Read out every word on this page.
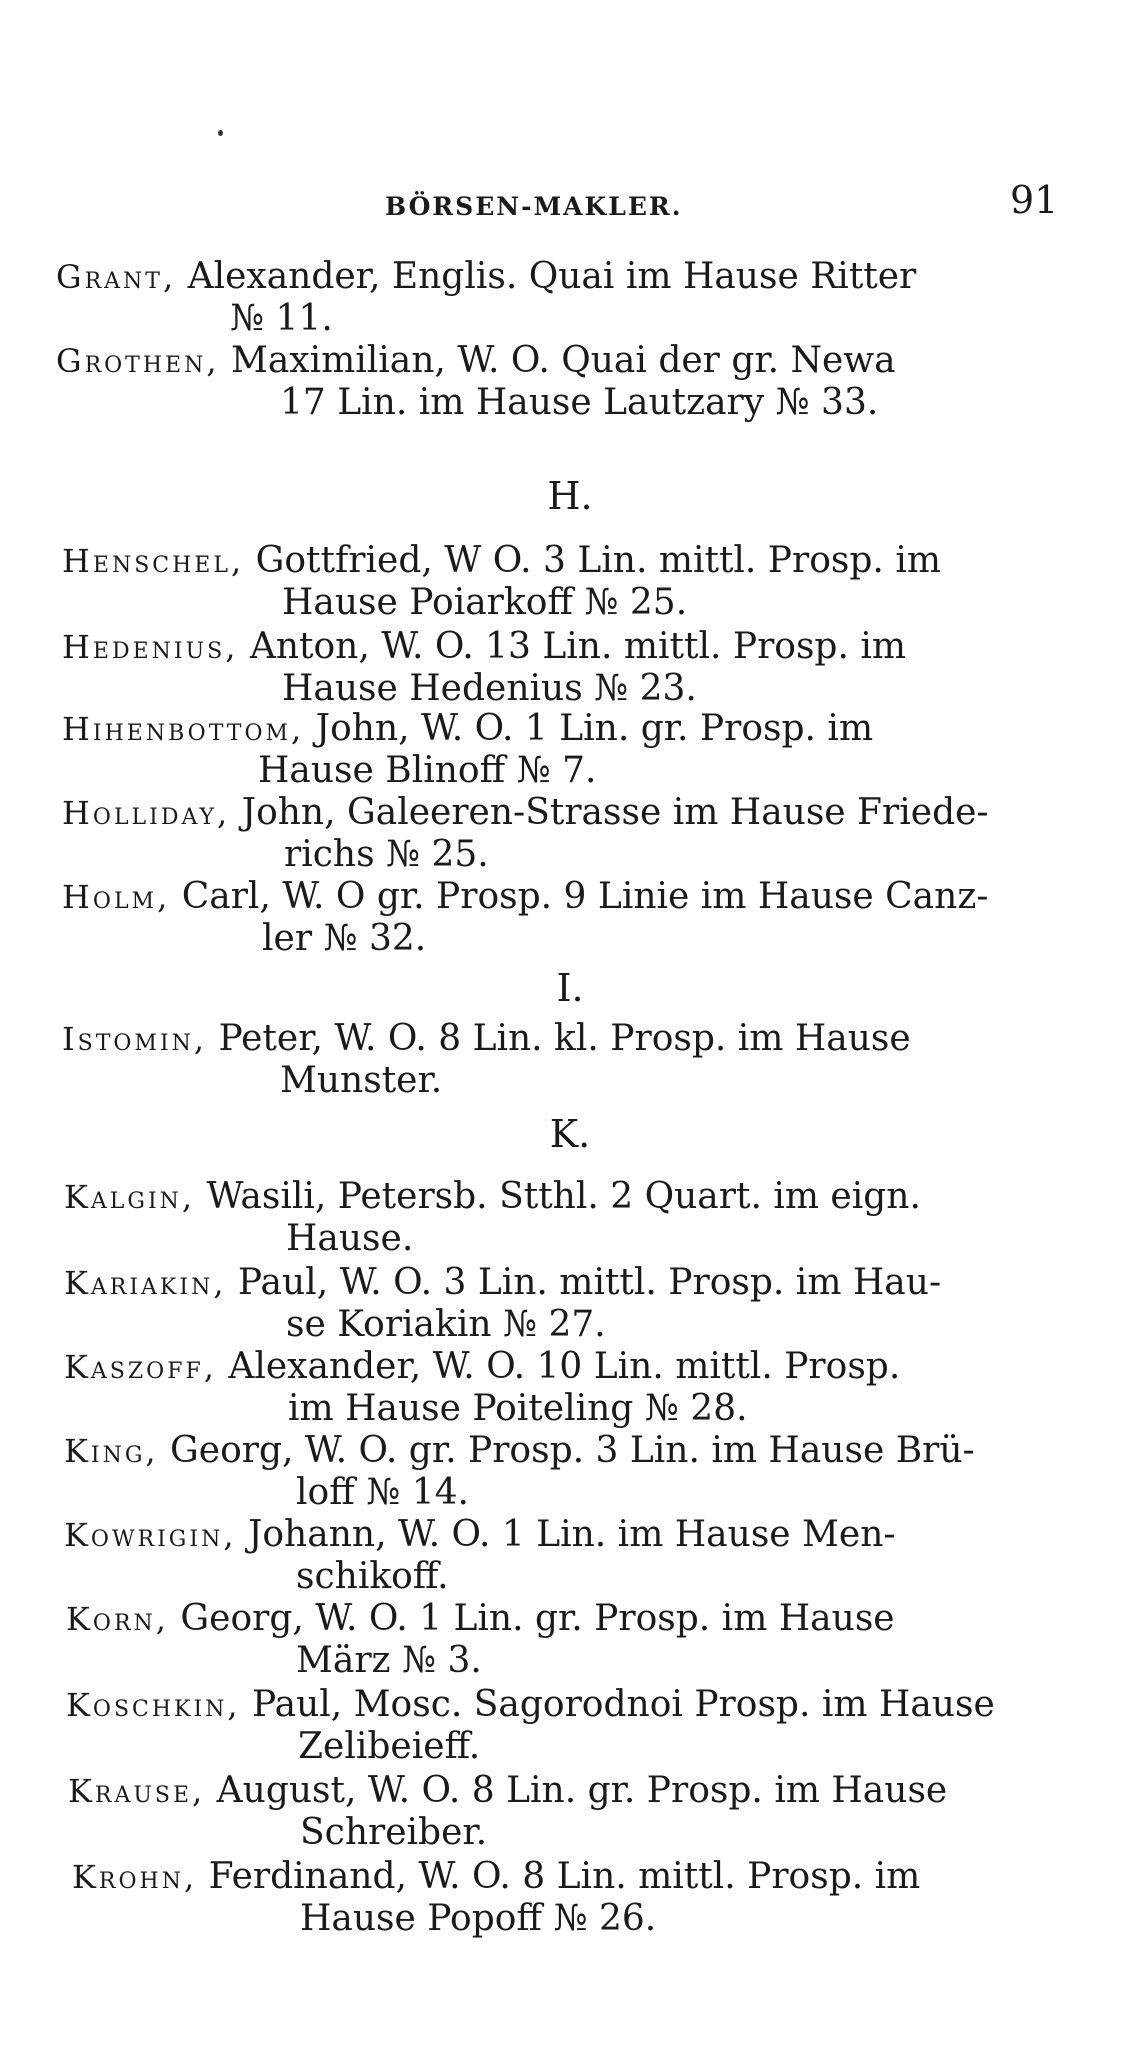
BÖRSEN-MAKLER.	91
Grant, Alexander, Englis. Quai im Hause Ritter
№ 11.
Grothen, Maximilian, W. O. Quai der gr. Newa
17 Lin. im Hause Lautzary № 33.
H.
Henschel, Gottfried, W O. 3 Lin. mittl. Prosp. im
Hause Poiarkoff № 25.
Hedenius, Anton, W. O. 13 Lin. mittl. Prosp. im
Hause Hedenius № 23.
Hihenbottom, John, W. O. 1 Lin. gr. Prosp. im
Hause Blinoff № 7.
Holliday, John, Galeeren-Strasse im Hause Friede-
richs № 25.
Holm, Carl, W. O gr. Prosp. 9 Linie im Hause Canz-
ler № 32.
I.
Istomin, Peter, W. O. 8 Lin. kl. Prosp. im Hause
Munster.
K.
Kalgin, Wasili, Petersb. Stthl. 2 Quart. im eign.
Hause.
Kariakin, Paul, W. O. 3 Lin. mittl. Prosp. im Hau-
se Koriakin № 27.
Kaszoff, Alexander, W. O. 10 Lin. mittl. Prosp.
im Hause Poiteling № 28.
King, Georg, W. O. gr. Prosp. 3 Lin. im Hause Brü-
loff № 14.
Kowrigin, Johann, W. O. 1 Lin. im Hause Men-
schikoff.
Korn, Georg, W. O. 1 Lin. gr. Prosp. im Hause
März № 3.
Koschkin, Paul, Mosc. Sagorodnoi Prosp. im Hause
Zelibeieff.
Krause, August, W. O. 8 Lin. gr. Prosp. im Hause
Schreiber.
Krohn, Ferdinand, W. O. 8 Lin. mittl. Prosp. im
Hause Popoff № 26.
